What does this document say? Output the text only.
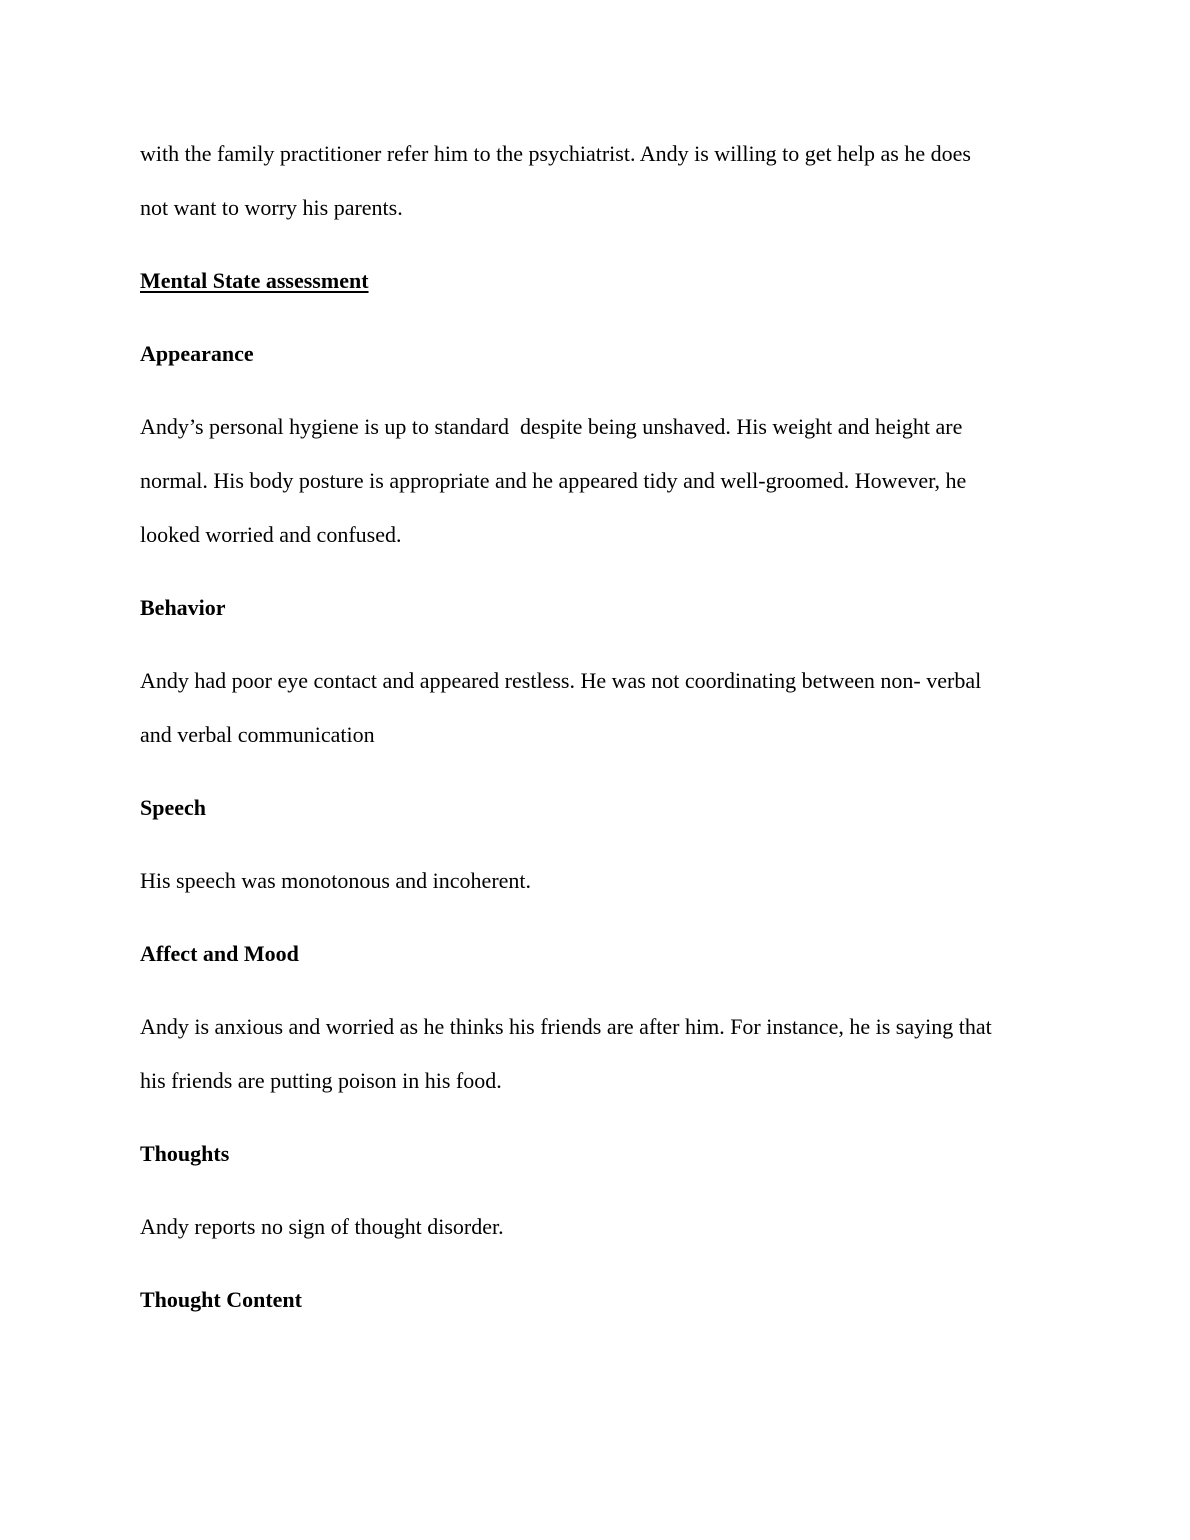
with the family practitioner refer him to the psychiatrist. Andy is willing to get help as he does

not want to worry his parents.

Mental State assessment

Appearance

Andy’s personal hygiene is up to standard  despite being unshaved. His weight and height are

normal. His body posture is appropriate and he appeared tidy and well-groomed. However, he

looked worried and confused.

Behavior

Andy had poor eye contact and appeared restless. He was not coordinating between non- verbal

and verbal communication

Speech

His speech was monotonous and incoherent.

Affect and Mood

Andy is anxious and worried as he thinks his friends are after him. For instance, he is saying that

his friends are putting poison in his food.

Thoughts

Andy reports no sign of thought disorder.

Thought Content
